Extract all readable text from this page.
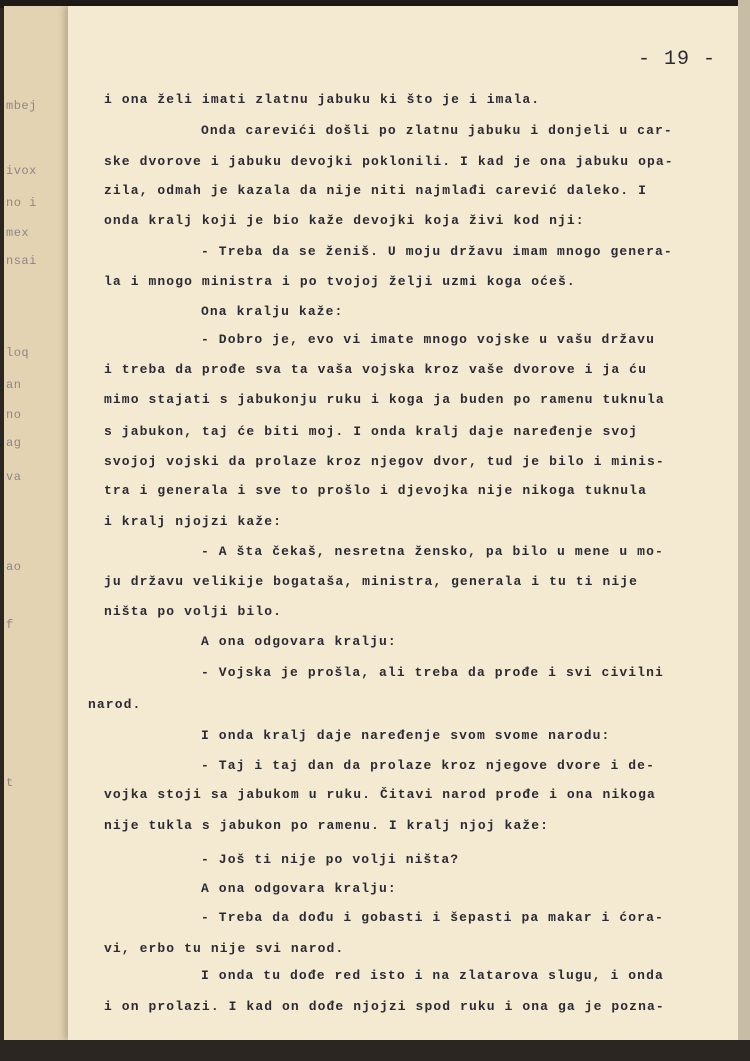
mbej
ivox
no i
mex
nsai
loq
an
no
ag
va
ao
f
t
- 19 -
i ona želi imati zlatnu jabuku ki što je i imala.
Onda carevići došli po zlatnu jabuku i donjeli u car-
ske dvorove i jabuku devojki poklonili. I kad je ona jabuku opa-
zila, odmah je kazala da nije niti najmlađi carević daleko. I
onda kralj koji je bio kaže devojki koja živi kod nji:
- Treba da se ženiš. U moju državu imam mnogo genera-
la i mnogo ministra i po tvojoj želji uzmi koga oćeš.
Ona kralju kaže:
- Dobro je, evo vi imate mnogo vojske u vašu državu
i treba da prođe sva ta vaša vojska kroz vaše dvorove i ja ću
mimo stajati s jabukonju ruku i koga ja buden po ramenu tuknula
s jabukon, taj će biti moj. I onda kralj daje naređenje svoj
svojoj vojski da prolaze kroz njegov dvor, tud je bilo i minis-
tra i generala i sve to prošlo i djevojka nije nikoga tuknula
i kralj njojzi kaže:
- A šta čekaš, nesretna žensko, pa bilo u mene u mo-
ju državu velikije bogataša, ministra, generala i tu ti nije
ništa po volji bilo.
A ona odgovara kralju:
- Vojska je prošla, ali treba da prođe i svi civilni
narod.
I onda kralj daje naređenje svom svome narodu:
- Taj i taj dan da prolaze kroz njegove dvore i de-
vojka stoji sa jabukom u ruku. Čitavi narod prođe i ona nikoga
nije tukla s jabukon po ramenu. I kralj njoj kaže:
- Još ti nije po volji ništa?
A ona odgovara kralju:
- Treba da dođu i gobasti i šepasti pa makar i ćora-
vi, erbo tu nije svi narod.
I onda tu dođe red isto i na zlatarova slugu, i onda
i on prolazi. I kad on dođe njojzi spod ruku i ona ga je pozna-
